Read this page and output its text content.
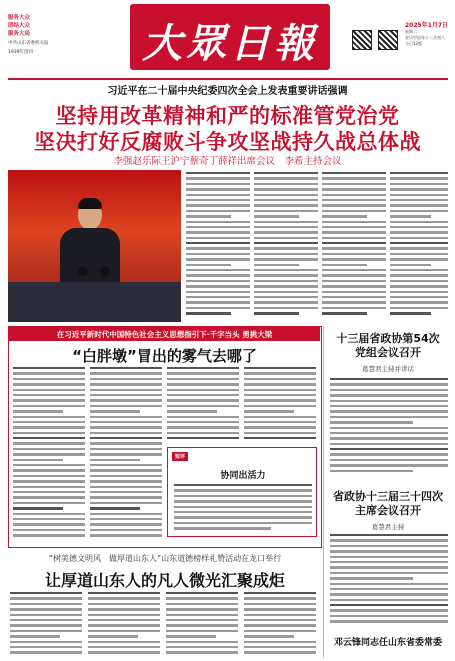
服务大众
团结大众
服务大局
中共山东省委机关报
1939年创刊	大眾日報	2025年1月7日
星期二
农历甲辰年十二月初八
今日12版
习近平在二十届中央纪委四次全会上发表重要讲话强调
坚持用改革精神和严的标准管党治党
坚决打好反腐败斗争攻坚战持久战总体战
李强赵乐际王沪宁蔡奇丁薛祥出席会议　李希主持会议
在习近平新时代中国特色社会主义思想指引下·千字当头 勇挑大梁
“白胖墩”冒出的雾气去哪了
短评
协同出活力
十三届省政协第54次
党组会议召开
葛慧君主持并讲话
省政协十三届三十四次
主席会议召开
葛慧君主持
邓云锋同志任山东省委常委
“树美德文明风　做厚道山东人”山东道德榜样礼赞活动在龙口举行
让厚道山东人的凡人微光汇聚成炬
